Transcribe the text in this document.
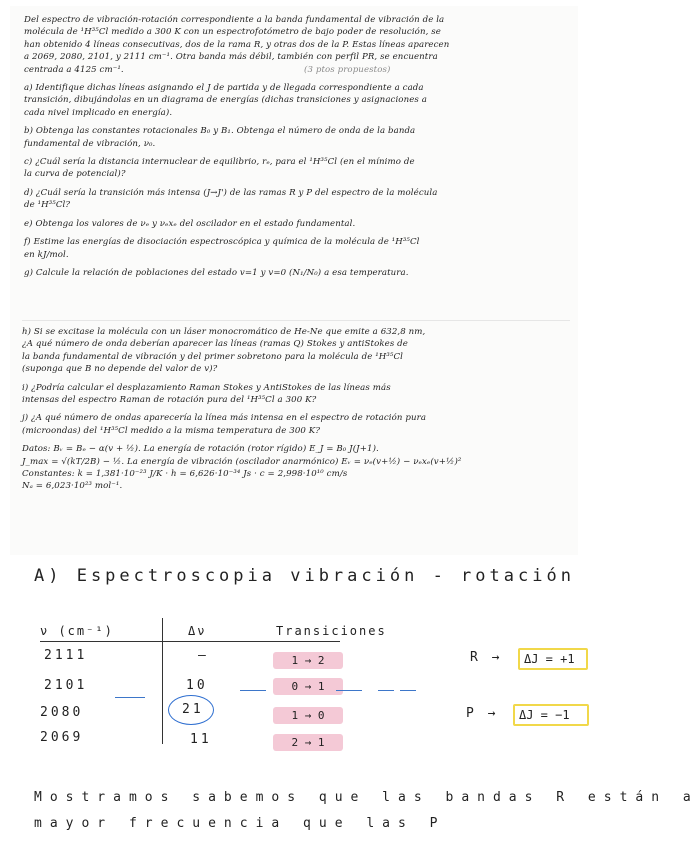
Del espectro de vibración-rotación correspondiente a la banda fundamental de vibración de la

molécula de ¹H³⁵Cl medido a 300 K con un espectrofotómetro de bajo poder de resolución, se

han obtenido 4 líneas consecutivas, dos de la rama R, y otras dos de la P. Estas líneas aparecen

a 2069, 2080, 2101, y 2111 cm⁻¹. Otra banda más débil, también con perfil PR, se encuentra

centrada a 4125 cm⁻¹.	(3 ptos propuestos)

a) Identifique dichas líneas asignando el J de partida y de llegada correspondiente a cada

transición, dibujándolas en un diagrama de energías (dichas transiciones y asignaciones a

cada nivel implicado en energía).

b) Obtenga las constantes rotacionales B₀ y B₁. Obtenga el número de onda de la banda

fundamental de vibración, ν₀.

c) ¿Cuál sería la distancia internuclear de equilibrio, rₑ, para el ¹H³⁵Cl (en el mínimo de

la curva de potencial)?

d) ¿Cuál sería la transición más intensa (J→J') de las ramas R y P del espectro de la molécula

de ¹H³⁵Cl?

e) Obtenga los valores de νₑ y νₑxₑ del oscilador en el estado fundamental.

f) Estime las energías de disociación espectroscópica y química de la molécula de ¹H³⁵Cl

en kJ/mol.

g) Calcule la relación de poblaciones del estado v=1 y v=0 (N₁/N₀) a esa temperatura.

h) Si se excitase la molécula con un láser monocromático de He-Ne que emite a 632,8 nm,

¿A qué número de onda deberían aparecer las líneas (ramas Q) Stokes y antiStokes de

la banda fundamental de vibración y del primer sobretono para la molécula de ¹H³⁵Cl

(suponga que B no depende del valor de v)?

i) ¿Podría calcular el desplazamiento Raman Stokes y AntiStokes de las líneas más

intensas del espectro Raman de rotación pura del ¹H³⁵Cl a 300 K?

j) ¿A qué número de ondas aparecería la línea más intensa en el espectro de rotación pura

(microondas) del ¹H³⁵Cl medido a la misma temperatura de 300 K?

Datos: Bᵥ = Bₑ − α(v + ½). La energía de rotación (rotor rígido) E_J = B₀ J(J+1).

J_max = √(kT/2B) − ½. La energía de vibración (oscilador anarmónico) Eᵥ = νₑ(v+½) − νₑxₑ(v+½)²

Constantes: k = 1,381·10⁻²³ J/K · h = 6,626·10⁻³⁴ Js · c = 2,998·10¹⁰ cm/s

Nₐ = 6,023·10²³ mol⁻¹.

A) Espectroscopia vibración - rotación
ν (cm⁻¹)	Δν	Transiciones
2111	—	1 → 2
2101	10	0 → 1
2080	21	1 → 0
2069	11	2 → 1
R →	ΔJ = +1
P →	ΔJ = −1
Mostramos sabemos que las bandas R están a
mayor frecuencia que las P
